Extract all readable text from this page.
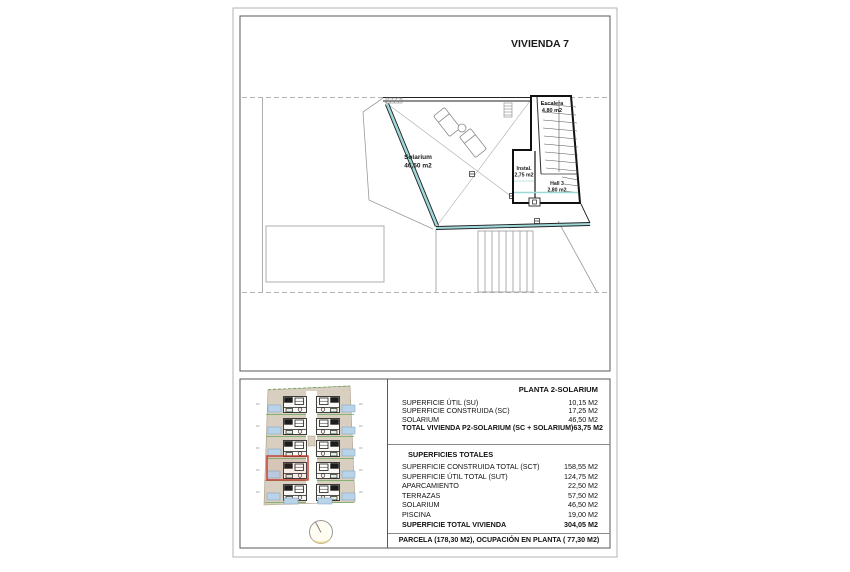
VIVIENDA 7
Solarium
46,50 m2
Escalera
4,80 m2
Instal.
2,75 m2
Hall 3
2,80 m2
PLANTA 2-SOLARIUM
SUPERFICIE ÚTIL (SU)	10,15 M2
SUPERFICIE CONSTRUIDA (SC)	17,25 M2
SOLARIUM	46,50 M2
TOTAL VIVIENDA P2-SOLARIUM (SC + SOLARIUM) 63,75 M2
SUPERFICIES TOTALES
SUPERFICIE CONSTRUIDA TOTAL (SCT)	158,55 M2
SUPERFICIE ÚTIL TOTAL (SUT)	124,75 M2
APARCAMIENTO	22,50 M2
TERRAZAS	57,50 M2
SOLARIUM	46,50 M2
PISCINA	19,00 M2
SUPERFICIE TOTAL VIVIENDA	304,05 M2
PARCELA (178,30 M2), OCUPACIÓN EN PLANTA ( 77,30 M2)
